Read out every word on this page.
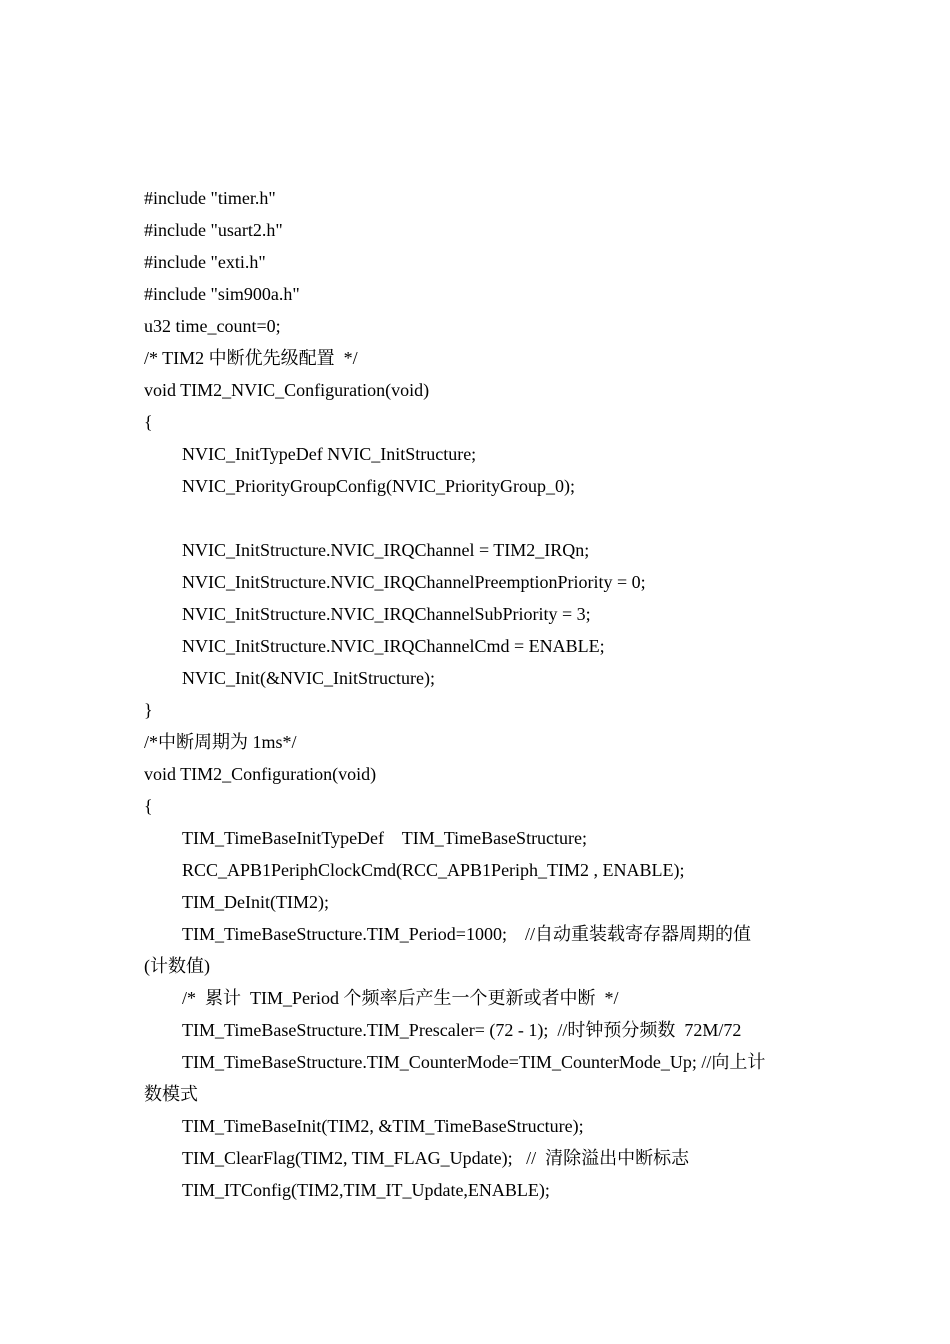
#include "timer.h"
#include "usart2.h"
#include "exti.h"
#include "sim900a.h"
u32 time_count=0;
/* TIM2 中断优先级配置  */
void TIM2_NVIC_Configuration(void)
{
NVIC_InitTypeDef NVIC_InitStructure;
NVIC_PriorityGroupConfig(NVIC_PriorityGroup_0);
NVIC_InitStructure.NVIC_IRQChannel = TIM2_IRQn;
NVIC_InitStructure.NVIC_IRQChannelPreemptionPriority = 0;
NVIC_InitStructure.NVIC_IRQChannelSubPriority = 3;
NVIC_InitStructure.NVIC_IRQChannelCmd = ENABLE;
NVIC_Init(&NVIC_InitStructure);
}
/*中断周期为 1ms*/
void TIM2_Configuration(void)
{
TIM_TimeBaseInitTypeDef    TIM_TimeBaseStructure;
RCC_APB1PeriphClockCmd(RCC_APB1Periph_TIM2 , ENABLE);
TIM_DeInit(TIM2);
TIM_TimeBaseStructure.TIM_Period=1000;    //自动重装载寄存器周期的值
(计数值)
/*  累计  TIM_Period 个频率后产生一个更新或者中断  */
TIM_TimeBaseStructure.TIM_Prescaler= (72 - 1);  //时钟预分频数  72M/72
TIM_TimeBaseStructure.TIM_CounterMode=TIM_CounterMode_Up; //向上计
数模式
TIM_TimeBaseInit(TIM2, &TIM_TimeBaseStructure);
TIM_ClearFlag(TIM2, TIM_FLAG_Update);   //  清除溢出中断标志
TIM_ITConfig(TIM2,TIM_IT_Update,ENABLE);
